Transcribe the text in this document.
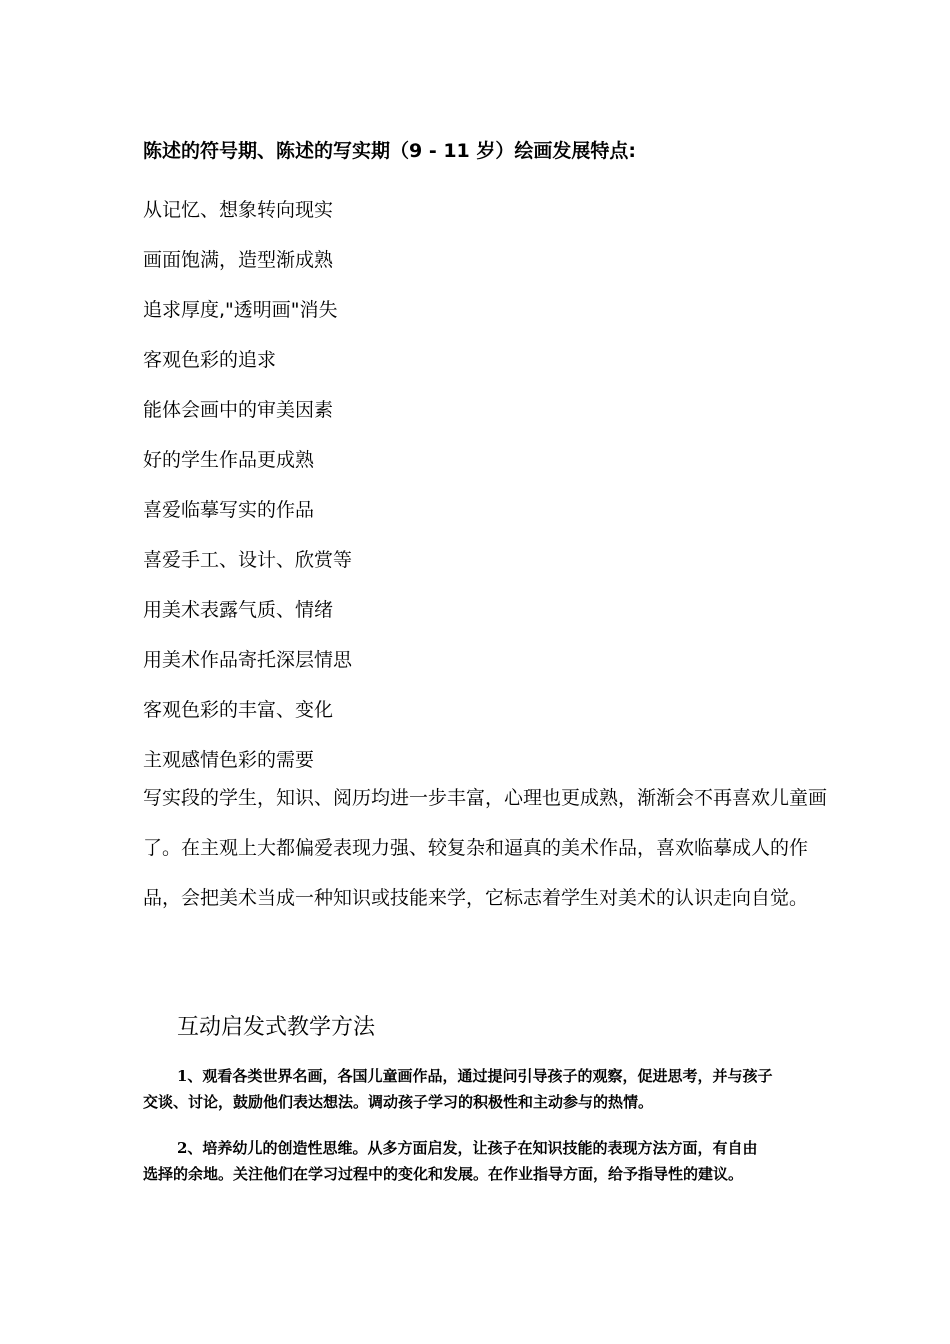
陈述的符号期、陈述的写实期（9 - 11 岁）绘画发展特点:
从记忆、想象转向现实
画面饱满，造型渐成熟
追求厚度,"透明画"消失
客观色彩的追求
能体会画中的审美因素
好的学生作品更成熟
喜爱临摹写实的作品
喜爱手工、设计、欣赏等
用美术表露气质、情绪
用美术作品寄托深层情思
客观色彩的丰富、变化
主观感情色彩的需要

写实段的学生，知识、阅历均进一步丰富，心理也更成熟，渐渐会不再喜欢儿童画
了。在主观上大都偏爱表现力强、较复杂和逼真的美术作品，喜欢临摹成人的作
品，会把美术当成一种知识或技能来学，它标志着学生对美术的认识走向自觉。

互动启发式教学方法

1、观看各类世界名画，各国儿童画作品，通过提问引导孩子的观察，促进思考，并与孩子
交谈、讨论，鼓励他们表达想法。调动孩子学习的积极性和主动参与的热情。

2、培养幼儿的创造性思维。从多方面启发，让孩子在知识技能的表现方法方面，有自由
选择的余地。关注他们在学习过程中的变化和发展。在作业指导方面，给予指导性的建议。
